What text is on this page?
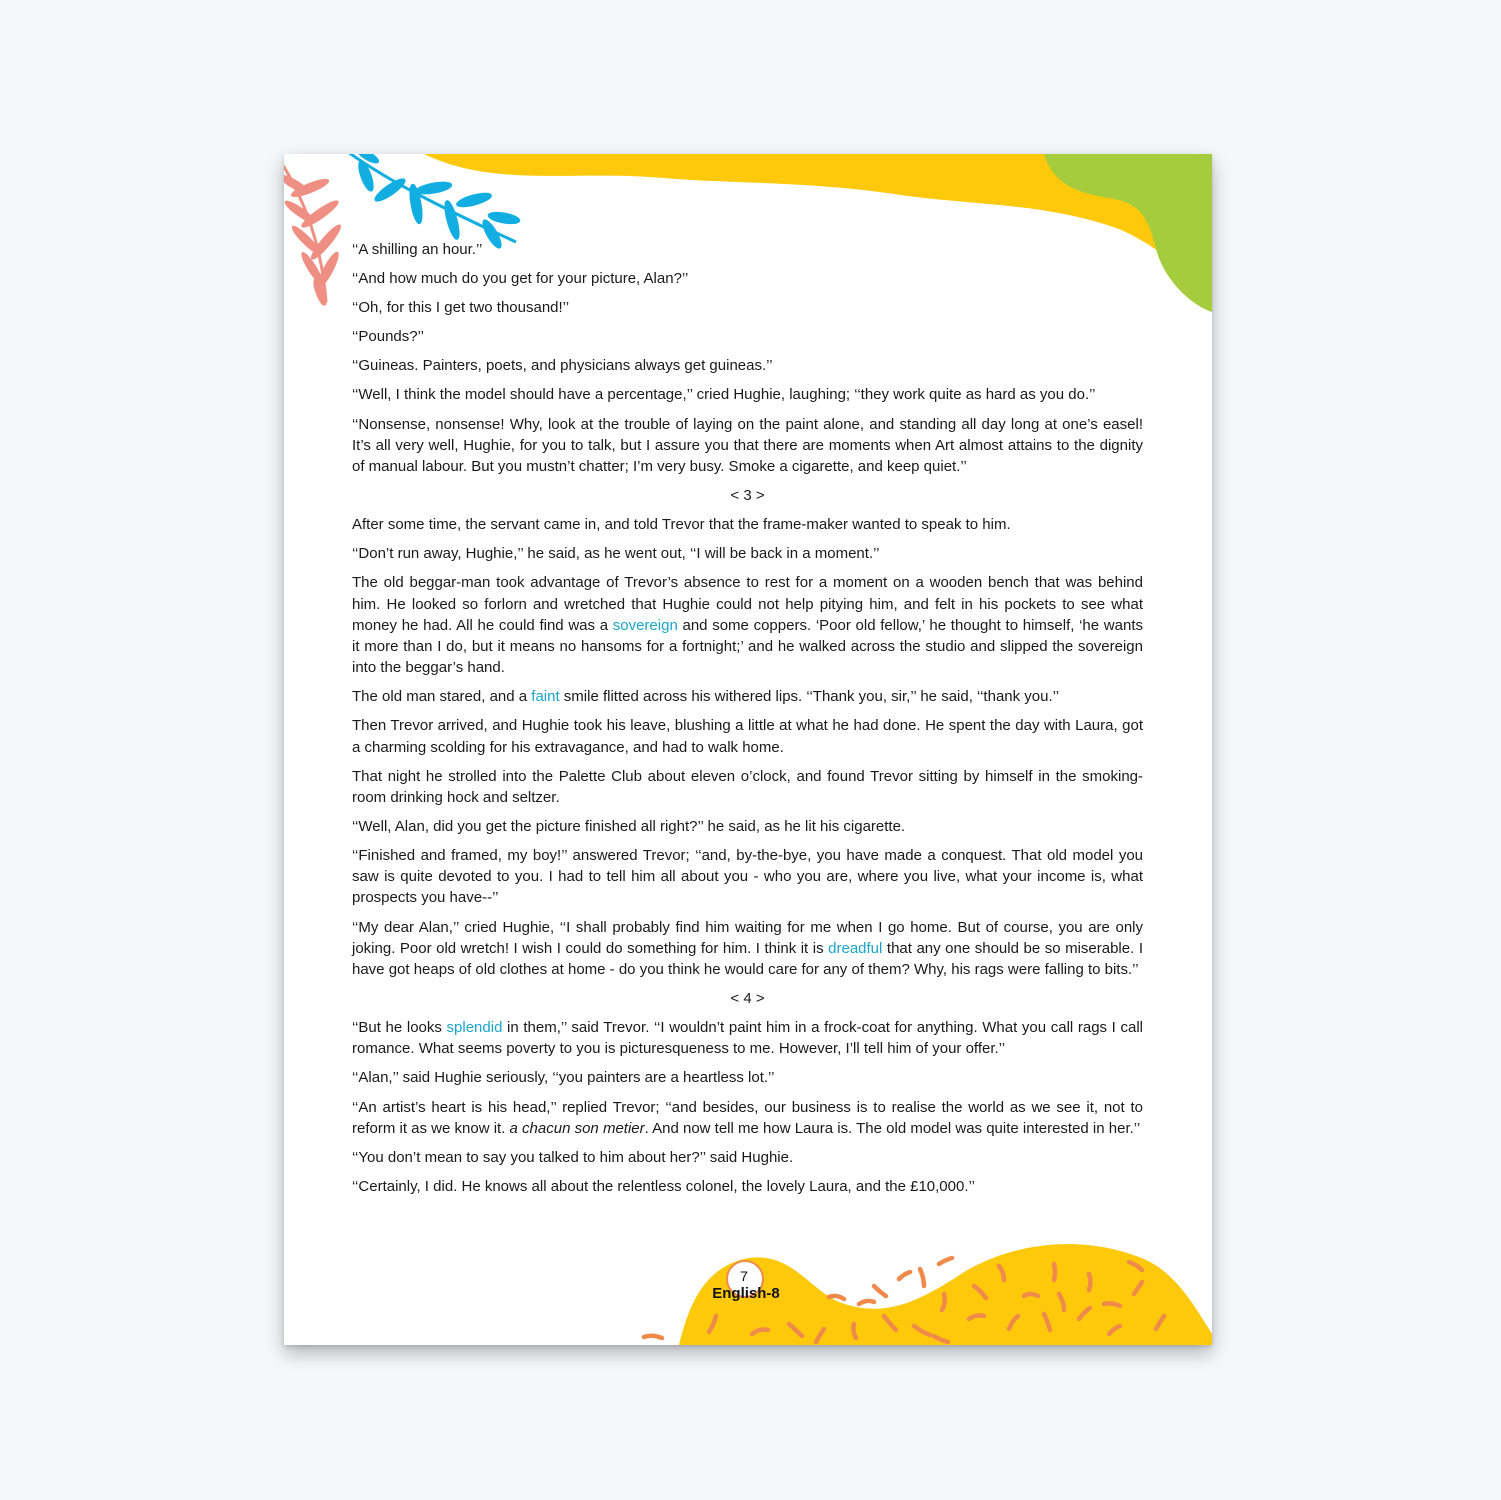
‘‘A shilling an hour.’’

‘‘And how much do you get for your picture, Alan?’’

‘‘Oh, for this I get two thousand!’’

‘‘Pounds?’’

‘‘Guineas. Painters, poets, and physicians always get guineas.’’

‘‘Well, I think the model should have a percentage,’’ cried Hughie, laughing; ‘‘they work quite as hard as you do.’’

‘‘Nonsense, nonsense! Why, look at the trouble of laying on the paint alone, and standing all day long at one’s easel! It’s all very well, Hughie, for you to talk, but I assure you that there are moments when Art almost attains to the dignity of manual labour. But you mustn’t chatter; I’m very busy. Smoke a cigarette, and keep quiet.’’

< 3 >

After some time, the servant came in, and told Trevor that the frame-maker wanted to speak to him.

‘‘Don’t run away, Hughie,’’ he said, as he went out, ‘‘I will be back in a moment.’’

The old beggar-man took advantage of Trevor’s absence to rest for a moment on a wooden bench that was behind him. He looked so forlorn and wretched that Hughie could not help pitying him, and felt in his pockets to see what money he had. All he could find was a sovereign and some coppers. ‘Poor old fellow,’ he thought to himself, ‘he wants it more than I do, but it means no hansoms for a fortnight;’ and he walked across the studio and slipped the sovereign into the beggar’s hand.

The old man stared, and a faint smile flitted across his withered lips. ‘‘Thank you, sir,’’ he said, ‘‘thank you.’’

Then Trevor arrived, and Hughie took his leave, blushing a little at what he had done. He spent the day with Laura, got a charming scolding for his extravagance, and had to walk home.

That night he strolled into the Palette Club about eleven o’clock, and found Trevor sitting by himself in the smoking-room drinking hock and seltzer.

‘‘Well, Alan, did you get the picture finished all right?’’ he said, as he lit his cigarette.

‘‘Finished and framed, my boy!’’ answered Trevor; ‘‘and, by-the-bye, you have made a conquest. That old model you saw is quite devoted to you. I had to tell him all about you - who you are, where you live, what your income is, what prospects you have--’’

‘‘My dear Alan,’’ cried Hughie, ‘‘I shall probably find him waiting for me when I go home. But of course, you are only joking. Poor old wretch! I wish I could do something for him. I think it is dreadful that any one should be so miserable. I have got heaps of old clothes at home - do you think he would care for any of them? Why, his rags were falling to bits.’’

< 4 >

‘‘But he looks splendid in them,’’ said Trevor. ‘‘I wouldn’t paint him in a frock-coat for anything. What you call rags I call romance. What seems poverty to you is picturesqueness to me. However, I’ll tell him of your offer.’’

‘‘Alan,’’ said Hughie seriously, ‘‘you painters are a heartless lot.’’

‘‘An artist’s heart is his head,’’ replied Trevor; ‘‘and besides, our business is to realise the world as we see it, not to reform it as we know it. a chacun son metier. And now tell me how Laura is. The old model was quite interested in her.’’

‘‘You don’t mean to say you talked to him about her?’’ said Hughie.

‘‘Certainly, I did. He knows all about the relentless colonel, the lovely Laura, and the £10,000.’’

7
English-8
